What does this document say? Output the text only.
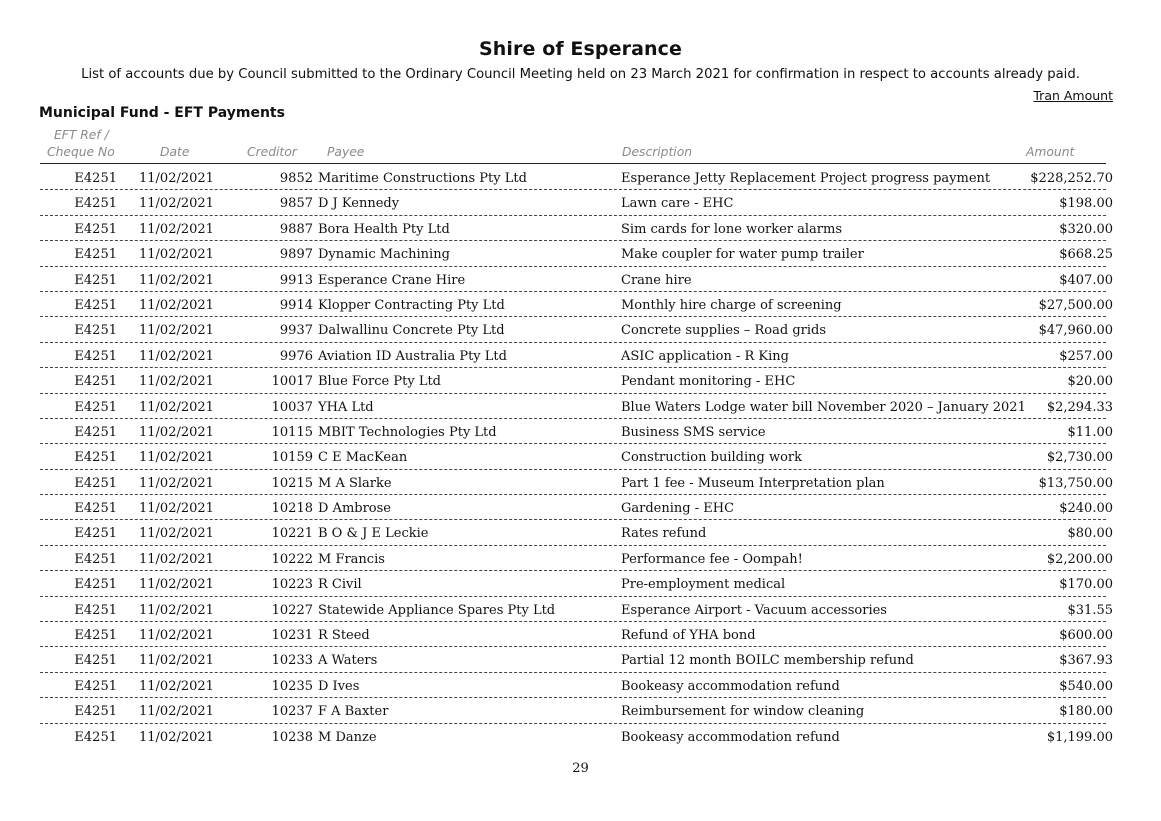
Shire of Esperance
List of accounts due by Council submitted to the Ordinary Council Meeting held on 23 March 2021 for confirmation in respect to accounts already paid.
Tran Amount
Municipal Fund - EFT Payments
EFT Ref /
Cheque No	Date	Creditor Payee	Description	Amount
E4251 11/02/2021	9852 Maritime Constructions Pty Ltd	Esperance Jetty Replacement Project progress payment	$228,252.70
E4251 11/02/2021	9857 D J Kennedy	Lawn care - EHC	$198.00
E4251 11/02/2021	9887 Bora Health Pty Ltd	Sim cards for lone worker alarms	$320.00
E4251 11/02/2021	9897 Dynamic Machining	Make coupler for water pump trailer	$668.25
E4251 11/02/2021	9913 Esperance Crane Hire	Crane hire	$407.00
E4251 11/02/2021	9914 Klopper Contracting Pty Ltd	Monthly hire charge of screening	$27,500.00
E4251 11/02/2021	9937 Dalwallinu Concrete Pty Ltd	Concrete supplies – Road grids	$47,960.00
E4251 11/02/2021	9976 Aviation ID Australia Pty Ltd	ASIC application - R King	$257.00
E4251 11/02/2021	10017 Blue Force Pty Ltd	Pendant monitoring - EHC	$20.00
E4251 11/02/2021	10037 YHA Ltd	Blue Waters Lodge water bill November 2020 – January 2021 $2,294.33
E4251 11/02/2021	10115 MBIT Technologies Pty Ltd	Business SMS service	$11.00
E4251 11/02/2021	10159 C E MacKean	Construction building work	$2,730.00
E4251 11/02/2021	10215 M A Slarke	Part 1 fee - Museum Interpretation plan	$13,750.00
E4251 11/02/2021	10218 D Ambrose	Gardening - EHC	$240.00
E4251 11/02/2021	10221 B O & J E Leckie	Rates refund	$80.00
E4251 11/02/2021	10222 M Francis	Performance fee - Oompah!	$2,200.00
E4251 11/02/2021	10223 R Civil	Pre-employment medical	$170.00
E4251 11/02/2021	10227 Statewide Appliance Spares Pty Ltd	Esperance Airport - Vacuum accessories	$31.55
E4251 11/02/2021	10231 R Steed	Refund of YHA bond	$600.00
E4251 11/02/2021	10233 A Waters	Partial 12 month BOILC membership refund	$367.93
E4251 11/02/2021	10235 D Ives	Bookeasy accommodation refund	$540.00
E4251 11/02/2021	10237 F A Baxter	Reimbursement for window cleaning	$180.00
E4251 11/02/2021	10238 M Danze	Bookeasy accommodation refund	$1,199.00
29
